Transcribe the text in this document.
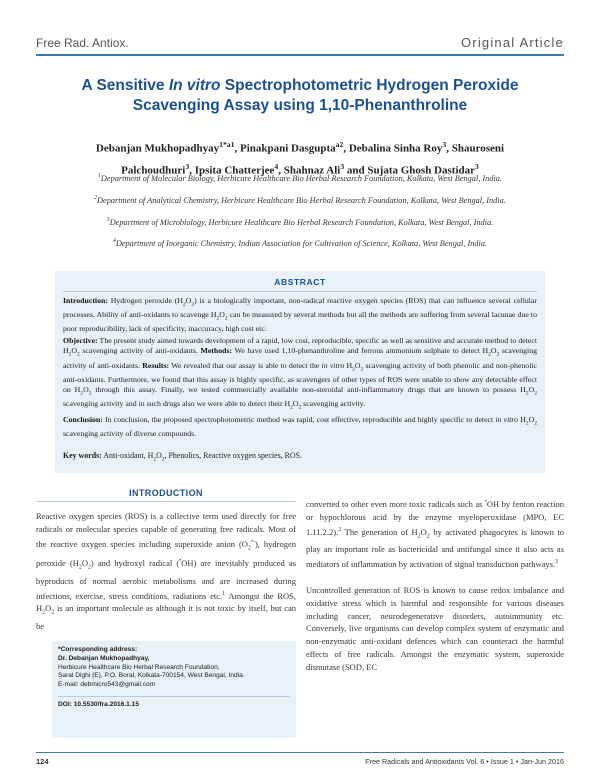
Free Rad. Antiox.	Original Article
A Sensitive In vitro Spectrophotometric Hydrogen Peroxide Scavenging Assay using 1,10-Phenanthroline
Debanjan Mukhopadhyay$^{1*a1}$, Pinakpani Dasgupta$^{a2}$, Debalina Sinha Roy$^3$, Shauroseni Palchoudhuri$^3$, Ipsita Chatterjee$^4$, Shahnaz Ali$^3$ and Sujata Ghosh Dastidar$^3$

$^1$Department of Molecular Biology, Herbicure Healthcare Bio Herbal Research Foundation, Kolkata, West Bengal, India.

$^2$Department of Analytical Chemistry, Herbicure Healthcare Bio Herbal Research Foundation, Kolkata, West Bengal, India.

$^3$Department of Microbiology, Herbicure Healthcare Bio Herbal Research Foundation, Kolkata, West Bengal, India.

$^4$Department of Inorganic Chemistry, Indian Association for Cultivation of Science, Kolkata, West Bengal, India.

ABSTRACT

Introduction: Hydrogen peroxide $(H_2O_2)$ is a biologically important, non-radical reactive oxygen species (ROS) that can influence several cellular processes. Ability of anti-oxidants to scavenge $H_2O_2$ can be measured by several methods but all the methods are suffering from several lacunae due to poor reproducibility, lack of specificity, inaccuracy, high cost etc.

Objective: The present study aimed towards development of a rapid, low cost, reproducible, specific as well as sensitive and accurate method to detect $H_2O_2$ scavenging activity of anti-oxidants. Methods: We have used 1,10-phenanthroline and ferrous ammonium sulphate to detect $H_2O_2$ scavenging activity of anti-oxidants. Results: We revealed that our assay is able to detect the in vitro $H_2O_2$ scavenging activity of both phenolic and non-phenolic anti-oxidants. Furthermore, we found that this assay is highly specific, as scavengers of other types of ROS were unable to show any detectable effect on $H_2O_2$ through this assay. Finally, we tested commercially available non-steroidal anti-inflammatory drugs that are known to possess $H_2O_2$ scavenging activity and in such drugs also we were able to detect their $H_2O_2$ scavenging activity.

Conclusion: In conclusion, the proposed spectrophotometric method was rapid, cost effective, reproducible and highly specific to detect in vitro $H_2O_2$ scavenging activity of diverse compounds.

Key words: Anti-oxidant, $H_2O_2$, Phenolics, Reactive oxygen species, ROS.
INTRODUCTION
Reactive oxygen species (ROS) is a collective term used directly for free radicals or molecular species capable of generating free radicals. Most of the reactive oxygen species including superoxide anion $(O_2^{•-})$, hydrogen peroxide $(H_2O_2)$ and hydroxyl radical (•OH) are inevitably produced as byproducts of normal aerobic metabolisms and are increased during infections, exercise, stress conditions, radiations etc.$^1$ Amongst the ROS, $H_2O_2$ is an important molecule as although it is not toxic by itself, but can be

converted to other even more toxic radicals such as •OH by fenton reaction or hypochlorous acid by the enzyme myeloperoxidase (MPO, EC 1.11.2.2).$^2$ The generation of $H_2O_2$ by activated phagocytes is known to play an important role as bactericidal and antifungal since it also acts as mediators of inflammation by activation of signal transduction pathways.$^3$

Uncontrolled generation of ROS is known to cause redox imbalance and oxidative stress which is harmful and responsible for various diseases including cancer, neurodegenerative disorders, autoimmunity etc. Conversely, live organisms can develop complex system of enzymatic and non-enzymatic anti-oxidant defences which can counteract the harmful effects of free radicals. Amongst the enzymatic system, superoxide dismutase (SOD, EC

*Corresponding address:
Dr. Debanjan Mukhopadhyay,
Herbicure Healthcare Bio Herbal Research Foundation,
Saral Dighi (E), P.O. Boral, Kolkata-700154, West Bengal, India.
E-mail: debmicro543@gmail.com
DOI: 10.5530/fra.2016.1.15
124	Free Radicals and Antioxidants Vol. 6 • Issue 1 • Jan-Jun 2016
